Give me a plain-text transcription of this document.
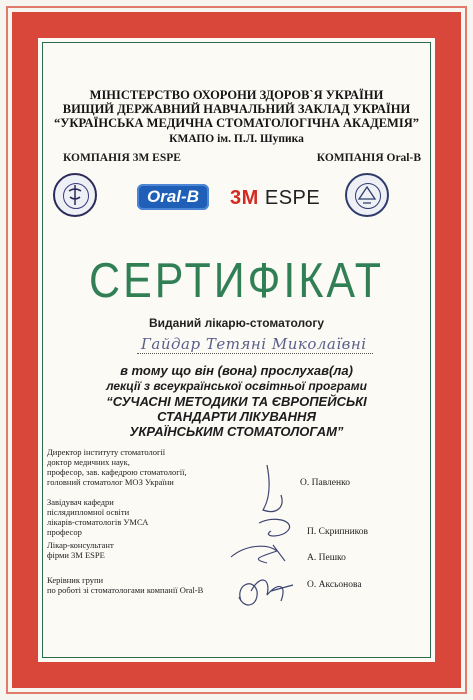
МІНІСТЕРСТВО ОХОРОНИ ЗДОРОВ`Я УКРАЇНИ
ВИЩИЙ ДЕРЖАВНИЙ НАВЧАЛЬНИЙ ЗАКЛАД УКРАЇНИ
“УКРАЇНСЬКА МЕДИЧНА СТОМАТОЛОГІЧНА АКАДЕМІЯ”
КМАПО ім. П.Л. Шупика
КОМПАНІЯ 3М ESPE	КОМПАНІЯ Oral-B
Oral-B	3M ESPE
СЕРТИФІКАТ
Виданий лікарю-стоматологу
Гайдар Тетяні Миколаївні
в тому що він (вона) прослухав(ла)
лекції з всеукраїнської освітньої програми
“СУЧАСНІ МЕТОДИКИ ТА ЄВРОПЕЙСЬКІ
СТАНДАРТИ ЛІКУВАННЯ
УКРАЇНСЬКИМ СТОМАТОЛОГАМ”
Директор інституту стоматології
доктор медичних наук,
професор, зав. кафедрою стоматології,
головний стоматолог МОЗ України	О. Павленко
Завідувач кафедри
післядипломної освіти
лікарів-стоматологів УМСА
професор	П. Скрипников
Лікар-консультант
фірми 3М ESPE	А. Пешко
Керівник групи
по роботі зі стоматологами компанії Oral-B	О. Аксьонова
